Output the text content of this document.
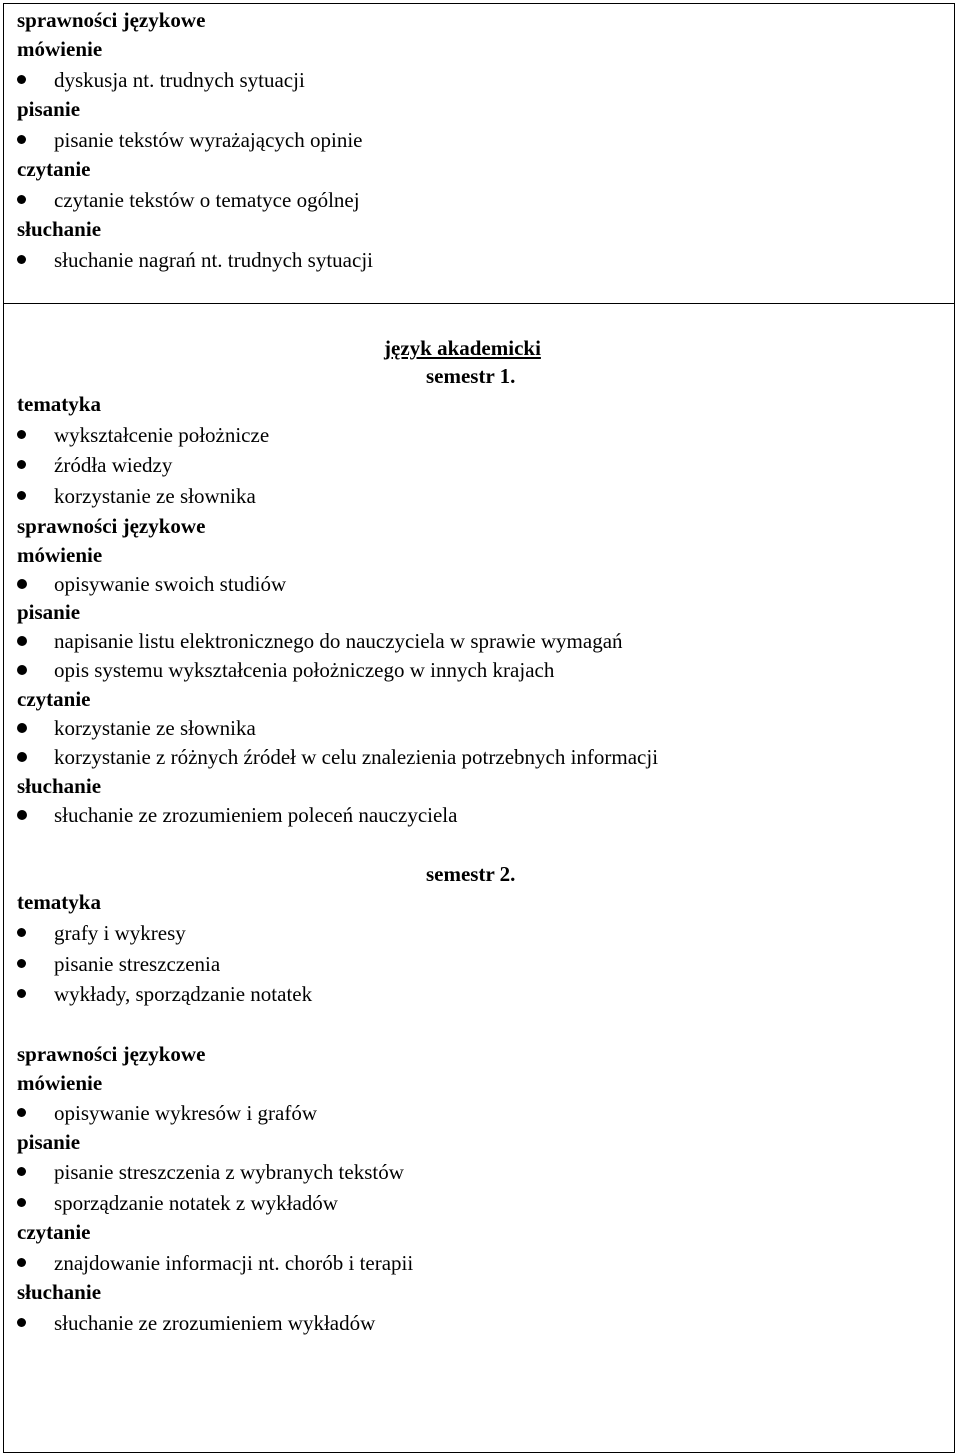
sprawności językowe
mówienie
dyskusja nt. trudnych sytuacji
pisanie
pisanie tekstów wyrażających opinie
czytanie
czytanie tekstów o tematyce ogólnej
słuchanie
słuchanie nagrań nt. trudnych sytuacji
język akademicki
semestr 1.
tematyka
wykształcenie położnicze
źródła wiedzy
korzystanie ze słownika
sprawności językowe
mówienie
opisywanie swoich studiów
pisanie
napisanie listu elektronicznego do nauczyciela w sprawie wymagań
opis systemu wykształcenia położniczego w innych krajach
czytanie
korzystanie ze słownika
korzystanie z różnych źródeł w celu znalezienia potrzebnych informacji
słuchanie
słuchanie ze zrozumieniem poleceń nauczyciela
semestr 2.
tematyka
grafy i wykresy
pisanie streszczenia
wykłady, sporządzanie notatek
sprawności językowe
mówienie
opisywanie wykresów i grafów
pisanie
pisanie streszczenia z wybranych tekstów
sporządzanie notatek z wykładów
czytanie
znajdowanie informacji nt. chorób i terapii
słuchanie
słuchanie ze zrozumieniem wykładów
